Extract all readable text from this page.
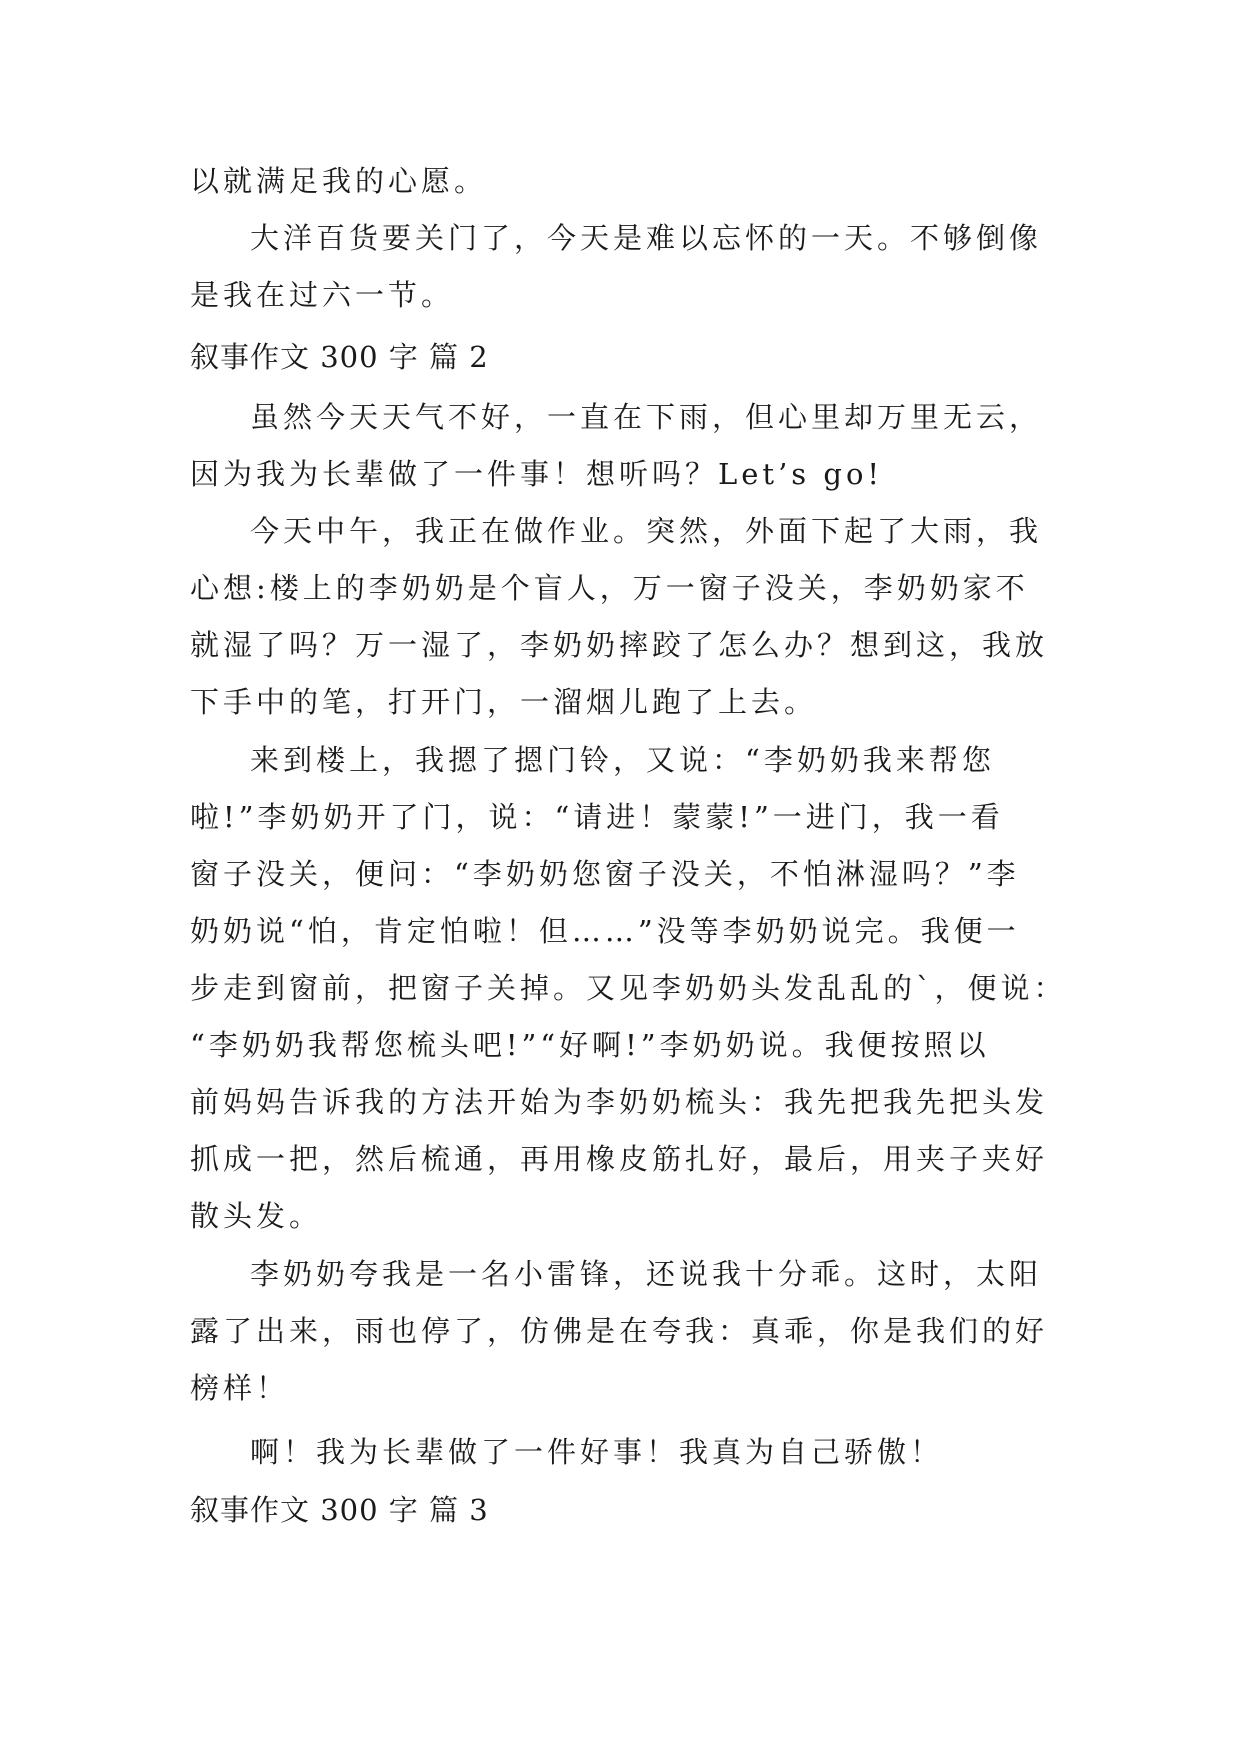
以就满足我的心愿。
大洋百货要关门了，今天是难以忘怀的一天。不够倒像
是我在过六一节。
叙事作文 300 字 篇 2
虽然今天天气不好，一直在下雨，但心里却万里无云，
因为我为长辈做了一件事！想听吗？Let’s go!
今天中午，我正在做作业。突然，外面下起了大雨，我
心想:楼上的李奶奶是个盲人，万一窗子没关，李奶奶家不
就湿了吗？万一湿了，李奶奶摔跤了怎么办？想到这，我放
下手中的笔，打开门，一溜烟儿跑了上去。
来到楼上，我摁了摁门铃，又说：“李奶奶我来帮您
啦!”李奶奶开了门，说：“请进！蒙蒙!”一进门，我一看
窗子没关，便问：“李奶奶您窗子没关，不怕淋湿吗？”李
奶奶说“怕，肯定怕啦！但……”没等李奶奶说完。我便一
步走到窗前，把窗子关掉。又见李奶奶头发乱乱的`，便说：
“李奶奶我帮您梳头吧!”“好啊!”李奶奶说。我便按照以
前妈妈告诉我的方法开始为李奶奶梳头：我先把我先把头发
抓成一把，然后梳通，再用橡皮筋扎好，最后，用夹子夹好
散头发。
李奶奶夸我是一名小雷锋，还说我十分乖。这时，太阳
露了出来，雨也停了，仿佛是在夸我：真乖，你是我们的好
榜样！
啊！我为长辈做了一件好事！我真为自己骄傲！
叙事作文 300 字 篇 3
